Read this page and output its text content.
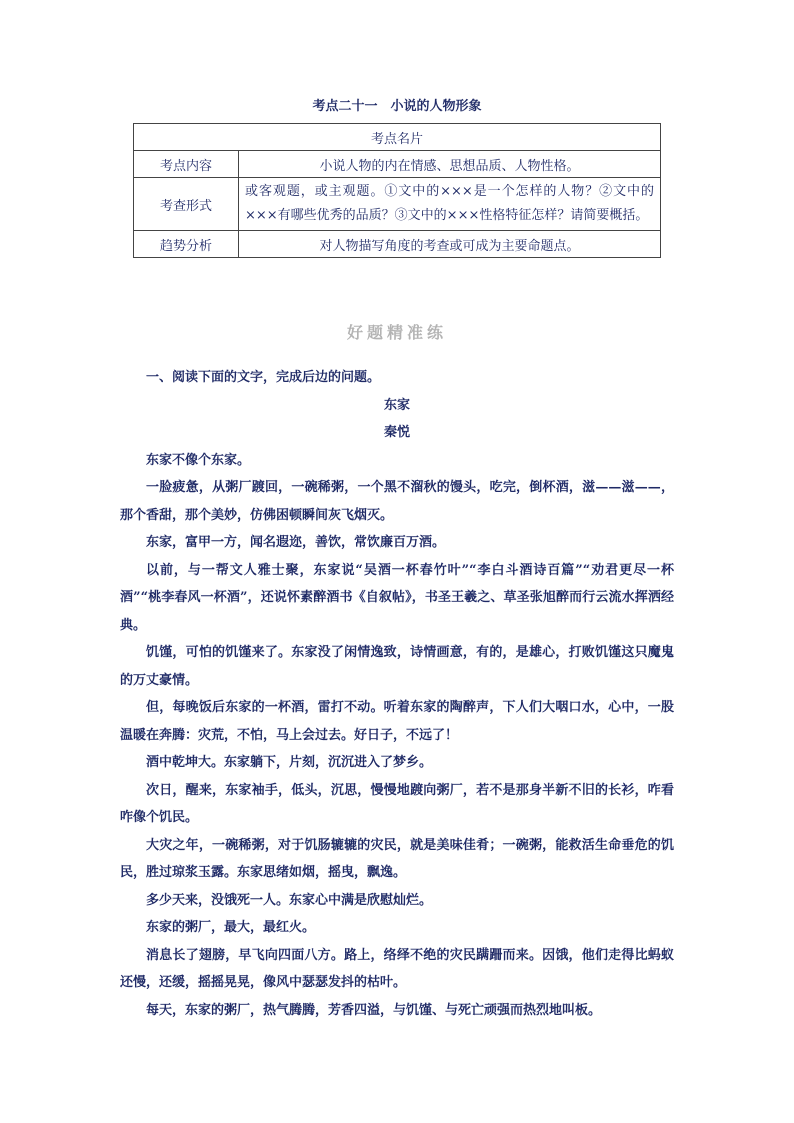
考点二十一　小说的人物形象
考点名片	
考点内容	小说人物的内在情感、思想品质、人物性格。
考查形式	或客观题，或主观题。①文中的×××是一个怎样的人物？②文中的×××有哪些优秀的品质？③文中的×××性格特征怎样？请简要概括。
趋势分析	对人物描写角度的考查或可成为主要命题点。
好题精准练

一、阅读下面的文字，完成后边的问题。

东家

秦悦

东家不像个东家。

一脸疲惫，从粥厂踱回，一碗稀粥，一个黑不溜秋的馒头，吃完，倒杯酒，滋——滋——，那个香甜，那个美妙，仿佛困顿瞬间灰飞烟灭。

东家，富甲一方，闻名遐迩，善饮，常饮廉百万酒。

以前，与一帮文人雅士聚，东家说“吴酒一杯春竹叶”“李白斗酒诗百篇”“劝君更尽一杯酒”“桃李春风一杯酒”，还说怀素醉酒书《自叙帖》，书圣王羲之、草圣张旭醉而行云流水挥洒经典。

饥馑，可怕的饥馑来了。东家没了闲情逸致，诗情画意，有的，是雄心，打败饥馑这只魔鬼的万丈豪情。

但，每晚饭后东家的一杯酒，雷打不动。听着东家的陶醉声，下人们大咽口水，心中，一股温暖在奔腾：灾荒，不怕，马上会过去。好日子，不远了！

酒中乾坤大。东家躺下，片刻，沉沉进入了梦乡。

次日，醒来，东家袖手，低头，沉思，慢慢地踱向粥厂，若不是那身半新不旧的长衫，咋看咋像个饥民。

大灾之年，一碗稀粥，对于饥肠辘辘的灾民，就是美味佳肴；一碗粥，能救活生命垂危的饥民，胜过琼浆玉露。东家思绪如烟，摇曳，飘逸。

多少天来，没饿死一人。东家心中满是欣慰灿烂。

东家的粥厂，最大，最红火。

消息长了翅膀，早飞向四面八方。路上，络绎不绝的灾民蹒跚而来。因饿，他们走得比蚂蚁还慢，还缓，摇摇晃晃，像风中瑟瑟发抖的枯叶。

每天，东家的粥厂，热气腾腾，芳香四溢，与饥馑、与死亡顽强而热烈地叫板。
